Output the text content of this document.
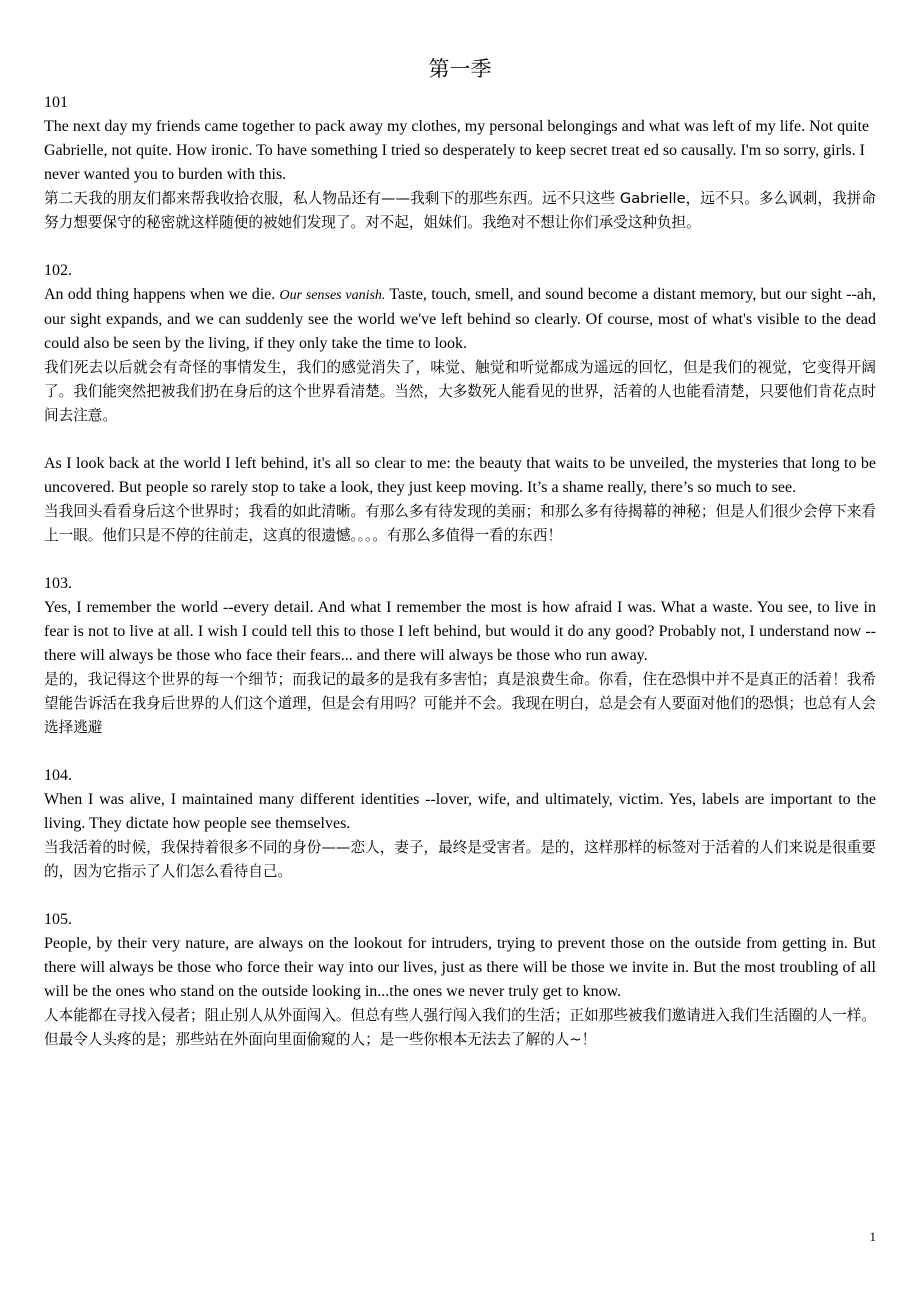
第一季

101

The next day my friends came together to pack away my clothes, my personal belongings and what was left of my life. Not quite Gabrielle, not quite. How ironic. To have something I tried so desperately to keep secret treat ed so causally. I'm so sorry, girls. I never wanted you to burden with this.

第二天我的朋友们都来帮我收拾衣服，私人物品还有——我剩下的那些东西。远不只这些 Gabrielle，远不只。多么讽刺，我拼命努力想要保守的秘密就这样随便的被她们发现了。对不起，姐妹们。我绝对不想让你们承受这种负担。

102.

An odd thing happens when we die. Our senses vanish. Taste, touch, smell, and sound become a distant memory, but our sight --ah, our sight expands, and we can suddenly see the world we've left behind so clearly. Of course, most of what's visible to the dead could also be seen by the living, if they only take the time to look.

我们死去以后就会有奇怪的事情发生，我们的感觉消失了，味觉、触觉和听觉都成为遥远的回忆，但是我们的视觉，它变得开阔了。我们能突然把被我们扔在身后的这个世界看清楚。当然，大多数死人能看见的世界，活着的人也能看清楚，只要他们肯花点时间去注意。

As I look back at the world I left behind, it's all so clear to me: the beauty that waits to be unveiled, the mysteries that long to be uncovered. But people so rarely stop to take a look, they just keep moving. It’s a shame really, there’s so much to see.

当我回头看看身后这个世界时；我看的如此清晰。有那么多有待发现的美丽；和那么多有待揭幕的神秘；但是人们很少会停下来看上一眼。他们只是不停的往前走，这真的很遗憾。。。。有那么多值得一看的东西！

103.

Yes, I remember the world --every detail. And what I remember the most is how afraid I was. What a waste. You see, to live in fear is not to live at all. I wish I could tell this to those I left behind, but would it do any good? Probably not, I understand now -- there will always be those who face their fears... and there will always be those who run away.

是的，我记得这个世界的每一个细节；而我记的最多的是我有多害怕；真是浪费生命。你看，住在恐惧中并不是真正的活着！我希望能告诉活在我身后世界的人们这个道理，但是会有用吗？可能并不会。我现在明白，总是会有人要面对他们的恐惧；也总有人会选择逃避

104.

When I was alive, I maintained many different identities --lover, wife, and ultimately, victim. Yes, labels are important to the living. They dictate how people see themselves.

当我活着的时候，我保持着很多不同的身份——恋人，妻子，最终是受害者。是的，这样那样的标签对于活着的人们来说是很重要的，因为它指示了人们怎么看待自己。

105.

People, by their very nature, are always on the lookout for intruders, trying to prevent those on the outside from getting in. But there will always be those who force their way into our lives, just as there will be those we invite in. But the most troubling of all will be the ones who stand on the outside looking in...the ones we never truly get to know.

人本能都在寻找入侵者；阻止别人从外面闯入。但总有些人强行闯入我们的生活；正如那些被我们邀请进入我们生活圈的人一样。但最令人头疼的是；那些站在外面向里面偷窥的人；是一些你根本无法去了解的人~！

1
